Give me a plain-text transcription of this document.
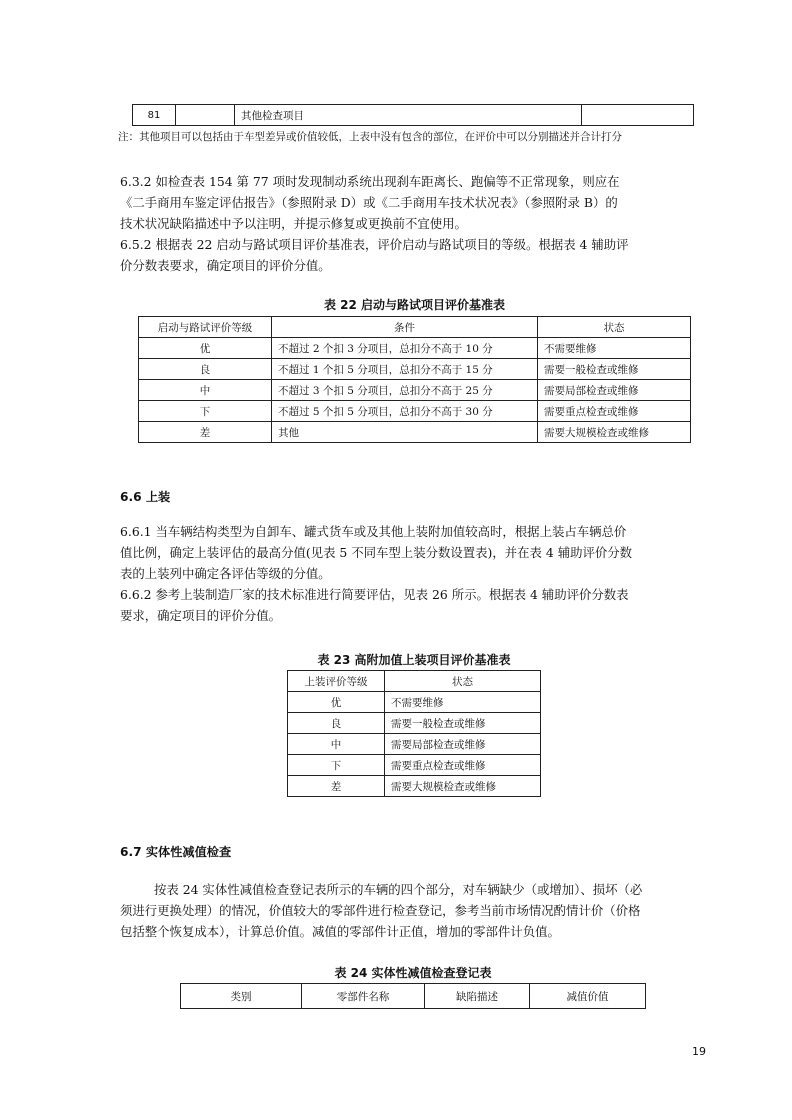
81		其他检查项目	
注：其他项目可以包括由于车型差异或价值较低，上表中没有包含的部位，在评价中可以分别描述并合计打分
6.3.2 如检查表 154 第 77 项时发现制动系统出现刹车距离长、跑偏等不正常现象，则应在
《二手商用车鉴定评估报告》（参照附录 D）或《二手商用车技术状况表》（参照附录 B）的
技术状况缺陷描述中予以注明，并提示修复或更换前不宜使用。
6.5.2 根据表 22 启动与路试项目评价基准表，评价启动与路试项目的等级。根据表 4 辅助评
价分数表要求，确定项目的评价分值。
表 22 启动与路试项目评价基准表
启动与路试评价等级	条件	状态
优	不超过 2 个扣 3 分项目，总扣分不高于 10 分	不需要维修
良	不超过 1 个扣 5 分项目，总扣分不高于 15 分	需要一般检查或维修
中	不超过 3 个扣 5 分项目，总扣分不高于 25 分	需要局部检查或维修
下	不超过 5 个扣 5 分项目，总扣分不高于 30 分	需要重点检查或维修
差	其他	需要大规模检查或维修
6.6 上装
6.6.1 当车辆结构类型为自卸车、罐式货车或及其他上装附加值较高时，根据上装占车辆总价
值比例，确定上装评估的最高分值(见表 5 不同车型上装分数设置表)，并在表 4 辅助评价分数
表的上装列中确定各评估等级的分值。
6.6.2 参考上装制造厂家的技术标准进行简要评估，见表 26 所示。根据表 4 辅助评价分数表
要求，确定项目的评价分值。
表 23 高附加值上装项目评价基准表
上装评价等级	状态
优	不需要维修
良	需要一般检查或维修
中	需要局部检查或维修
下	需要重点检查或维修
差	需要大规模检查或维修
6.7 实体性减值检查
按表 24 实体性减值检查登记表所示的车辆的四个部分，对车辆缺少（或增加）、损坏（必
须进行更换处理）的情况，价值较大的零部件进行检查登记，参考当前市场情况酌情计价（价格
包括整个恢复成本），计算总价值。减值的零部件计正值，增加的零部件计负值。
表 24 实体性减值检查登记表
类别	零部件名称	缺陷描述	减值价值
19
